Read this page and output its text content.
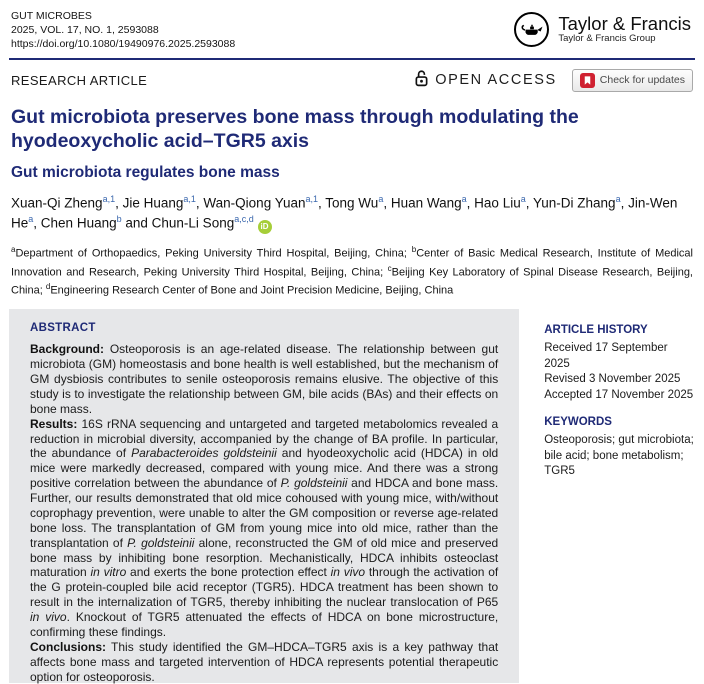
GUT MICROBES
2025, VOL. 17, NO. 1, 2593088
https://doi.org/10.1080/19490976.2025.2593088
Taylor & Francis
Taylor & Francis Group
RESEARCH ARTICLE	OPEN ACCESS	Check for updates
Gut microbiota preserves bone mass through modulating the hyodeoxycholic acid–TGR5 axis
Gut microbiota regulates bone mass
Xuan-Qi Zheng$^{a,1}$, Jie Huang$^{a,1}$, Wan-Qiong Yuan$^{a,1}$, Tong Wu$^a$, Huan Wang$^a$, Hao Liu$^a$, Yun-Di Zhang$^a$, Jin-Wen He$^a$, Chen Huang$^b$ and Chun-Li Song$^{a,c,d}$ iD
$^a$Department of Orthopaedics, Peking University Third Hospital, Beijing, China; $^b$Center of Basic Medical Research, Institute of Medical Innovation and Research, Peking University Third Hospital, Beijing, China; $^c$Beijing Key Laboratory of Spinal Disease Research, Beijing, China; $^d$Engineering Research Center of Bone and Joint Precision Medicine, Beijing, China
ABSTRACT
Background: Osteoporosis is an age-related disease. The relationship between gut microbiota (GM) homeostasis and bone health is well established, but the mechanism of GM dysbiosis contributes to senile osteoporosis remains elusive. The objective of this study is to investigate the relationship between GM, bile acids (BAs) and their effects on bone mass.
Results: 16S rRNA sequencing and untargeted and targeted metabolomics revealed a reduction in microbial diversity, accompanied by the change of BA profile. In particular, the abundance of Parabacteroides goldsteinii and hyodeoxycholic acid (HDCA) in old mice were markedly decreased, compared with young mice. And there was a strong positive correlation between the abundance of P. goldsteinii and HDCA and bone mass. Further, our results demonstrated that old mice cohoused with young mice, with/without coprophagy prevention, were unable to alter the GM composition or reverse age-related bone loss. The transplantation of GM from young mice into old mice, rather than the transplantation of P. goldsteinii alone, reconstructed the GM of old mice and preserved bone mass by inhibiting bone resorption. Mechanistically, HDCA inhibits osteoclast maturation in vitro and exerts the bone protection effect in vivo through the activation of the G protein-coupled bile acid receptor (TGR5). HDCA treatment has been shown to result in the internalization of TGR5, thereby inhibiting the nuclear translocation of P65 in vivo. Knockout of TGR5 attenuated the effects of HDCA on bone microstructure, confirming these findings.
Conclusions: This study identified the GM–HDCA–TGR5 axis is a key pathway that affects bone mass and targeted intervention of HDCA represents potential therapeutic option for osteoporosis.
ARTICLE HISTORY
Received 17 September 2025
Revised 3 November 2025
Accepted 17 November 2025
KEYWORDS
Osteoporosis; gut microbiota; bile acid; bone metabolism; TGR5
